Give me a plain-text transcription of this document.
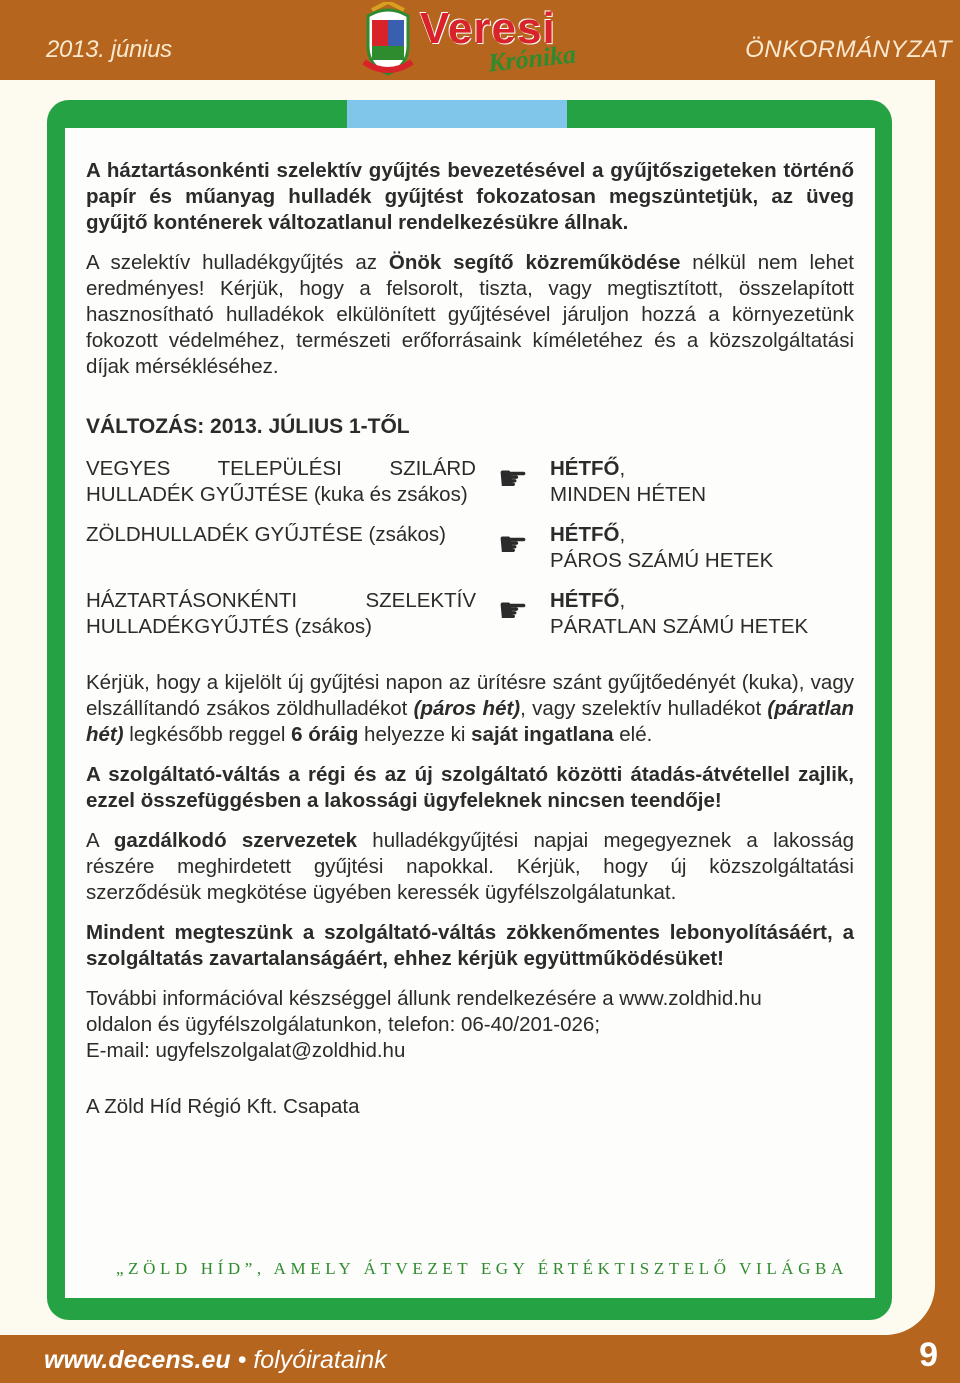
2013. június	Veresi
Krónika	ÖNKORMÁNYZAT

A háztartásonkénti szelektív gyűjtés bevezetésével a gyűjtőszigeteken történő papír és műanyag hulladék gyűjtést fokozatosan megszüntetjük, az üveg gyűjtő konténerek változatlanul rendelkezésükre állnak.

A szelektív hulladékgyűjtés az Önök segítő közreműködése nélkül nem lehet eredményes! Kérjük, hogy a felsorolt, tiszta, vagy megtisztított, összelapított hasznosítható hulladékok elkülönített gyűjtésével járuljon hozzá a környezetünk fokozott védelméhez, természeti erőforrásaink kíméletéhez és a közszolgáltatási díjak mérsékléséhez.

VÁLTOZÁS: 2013. JÚLIUS 1-TŐL

VEGYES TELEPÜLÉSI SZILÁRD HULLADÉK GYŰJTÉSE (kuka és zsákos) ☛	HÉTFŐ,
MINDEN HÉTEN
ZÖLDHULLADÉK GYŰJTÉSE (zsákos)	☛	HÉTFŐ,
PÁROS SZÁMÚ HETEK
HÁZTARTÁSONKÉNTI SZELEKTÍV HULLADÉKGYŰJTÉS (zsákos)	☛	HÉTFŐ,
PÁRATLAN SZÁMÚ HETEK

Kérjük, hogy a kijelölt új gyűjtési napon az ürítésre szánt gyűjtőedényét (kuka), vagy elszállítandó zsákos zöldhulladékot (páros hét), vagy szelektív hulladékot (páratlan hét) legkésőbb reggel 6 óráig helyezze ki saját ingatlana elé.

A szolgáltató-váltás a régi és az új szolgáltató közötti átadás-átvétellel zajlik, ezzel összefüggésben a lakossági ügyfeleknek nincsen teendője!

A gazdálkodó szervezetek hulladékgyűjtési napjai megegyeznek a lakosság részére meghirdetett gyűjtési napokkal. Kérjük, hogy új közszolgáltatási szerződésük megkötése ügyében keressék ügyfélszolgálatunkat.

Mindent megteszünk a szolgáltató-váltás zökkenőmentes lebonyolításáért, a szolgáltatás zavartalanságáért, ehhez kérjük együttműködésüket!

További információval készséggel állunk rendelkezésére a www.zoldhid.hu
oldalon és ügyfélszolgálatunkon, telefon: 06-40/201-026;
E-mail: ugyfelszolgalat@zoldhid.hu

A Zöld Híd Régió Kft. Csapata

„ZÖLD HÍD”, AMELY ÁTVEZET EGY ÉRTÉKTISZTELŐ VILÁGBA
www.decens.eu • folyóirataink	9
